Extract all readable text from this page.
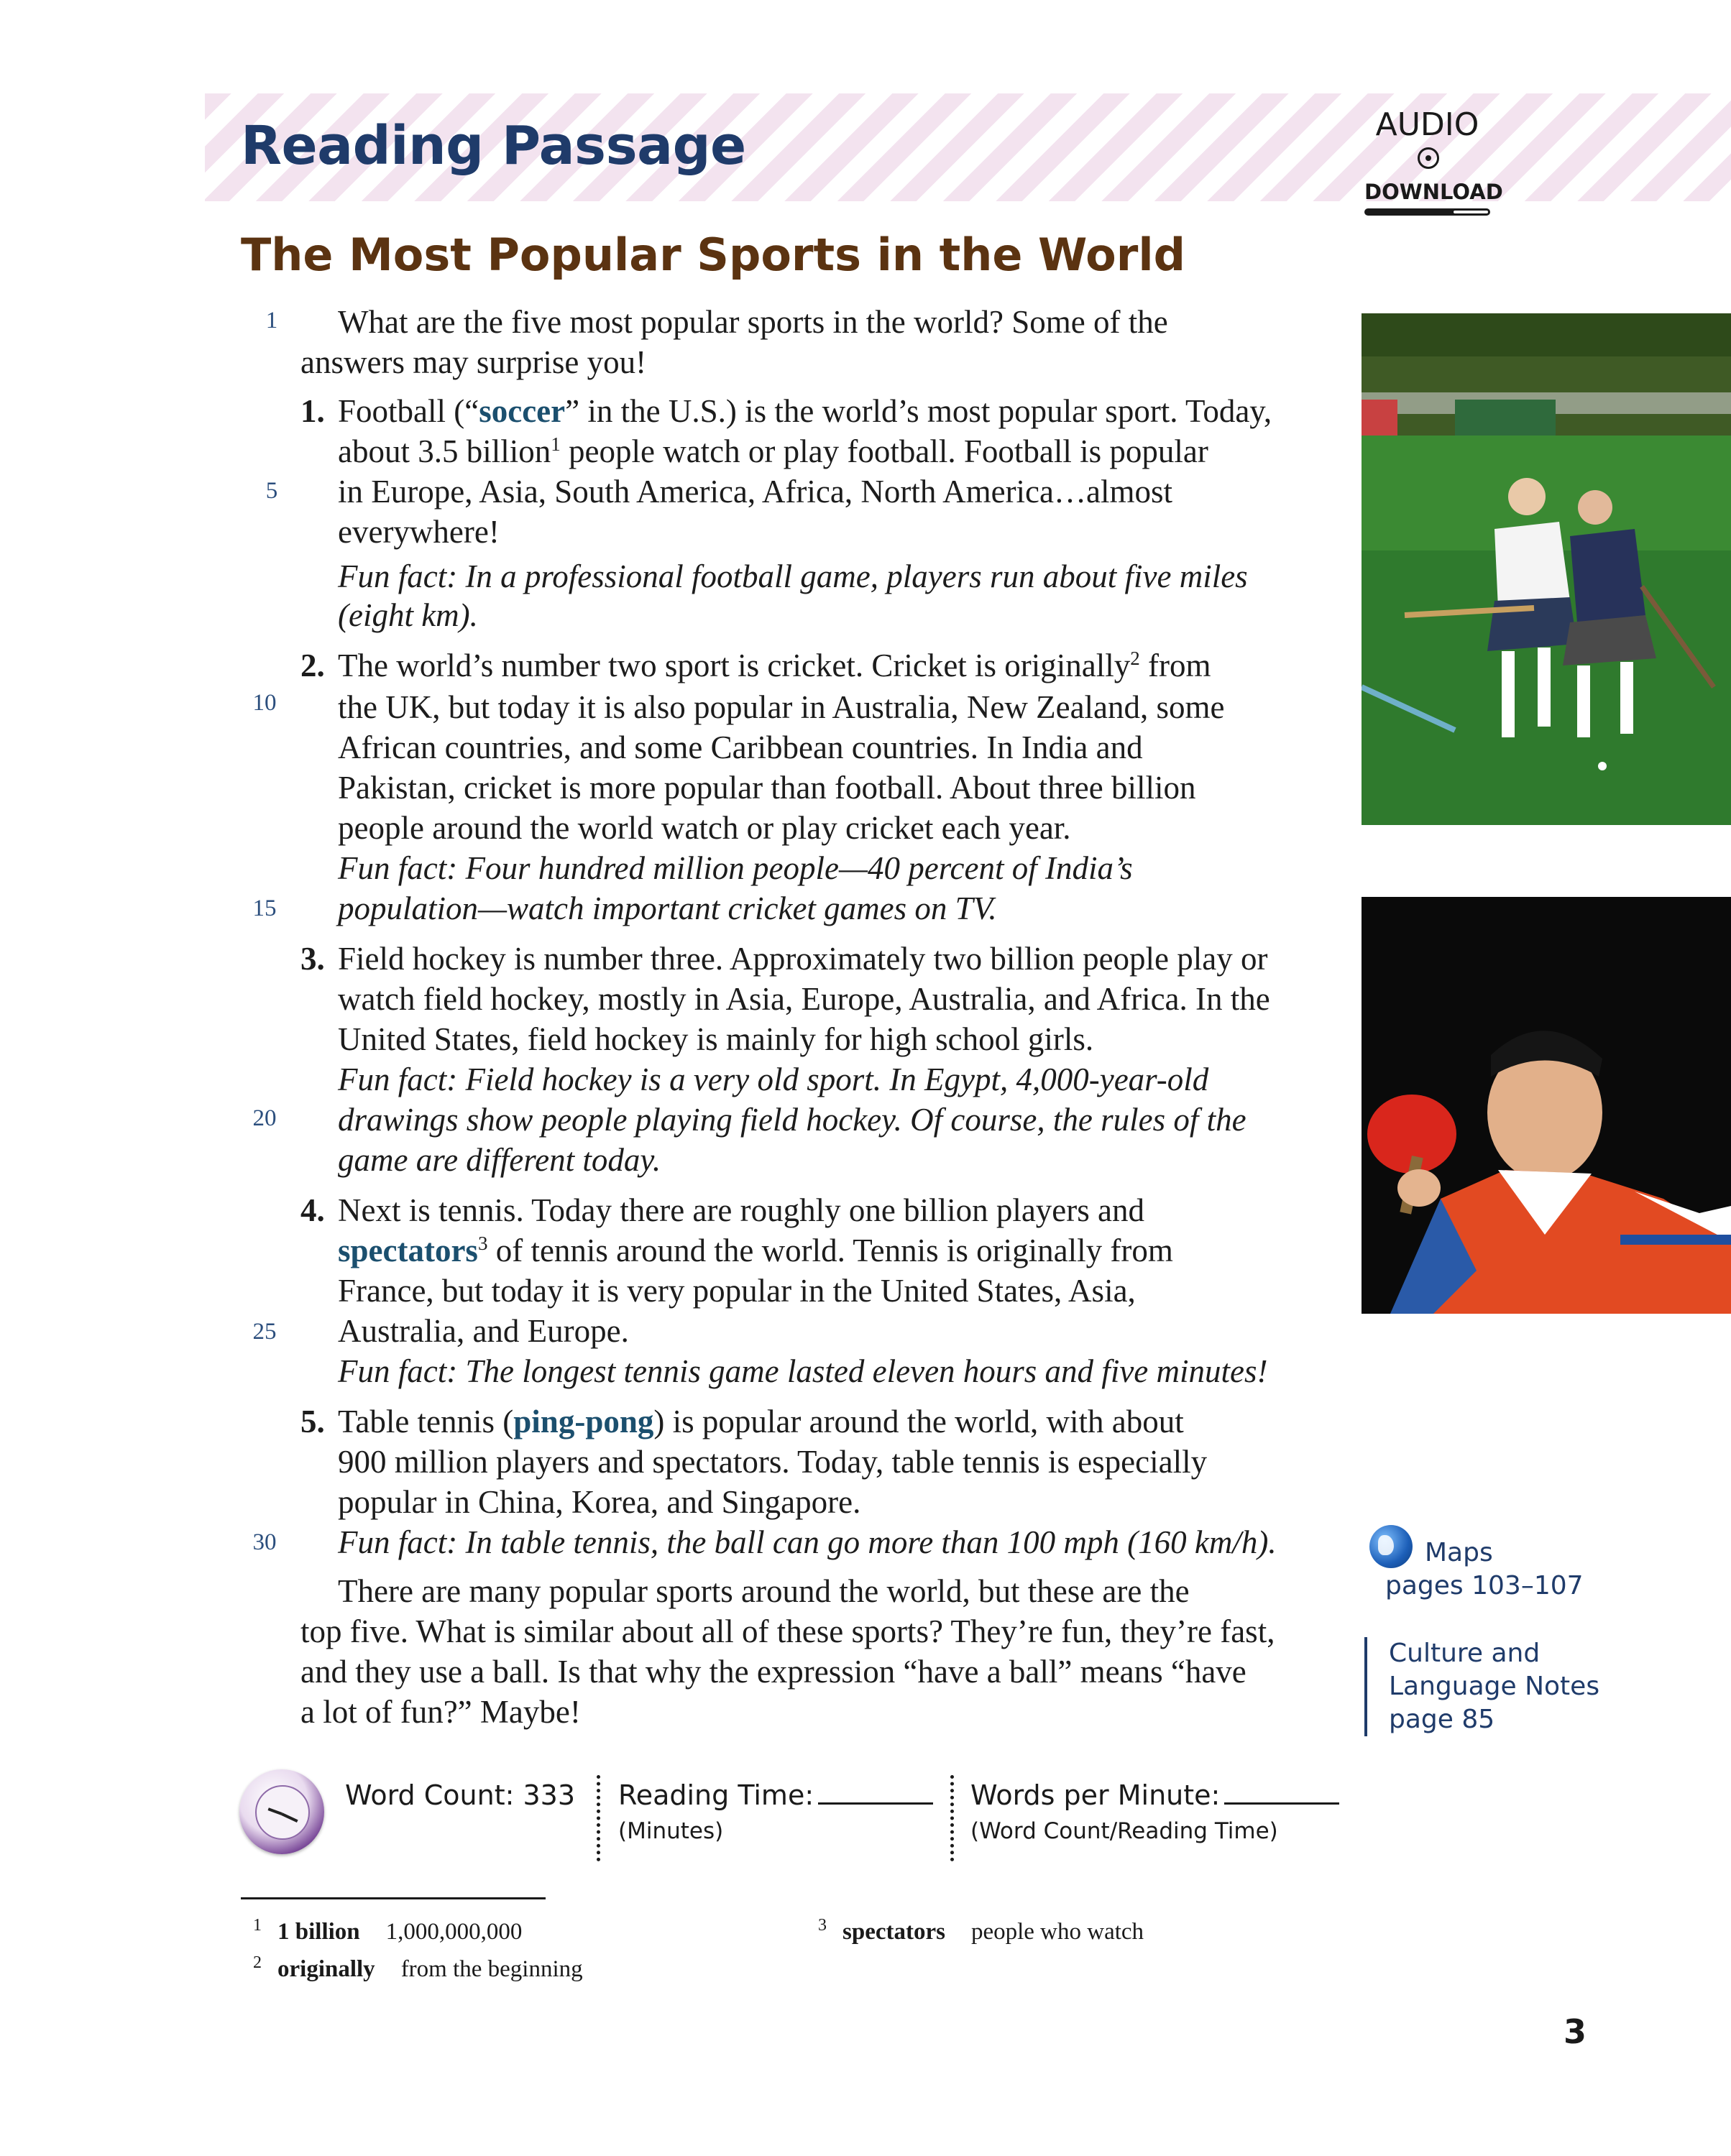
Reading Passage	AUDIO
DOWNLOAD
The Most Popular Sports in the World
1
5
10
15
20
25
30
What are the five most popular sports in the world? Some of the
answers may surprise you!
1. Football (“soccer” in the U.S.) is the world’s most popular sport. Today,
about 3.5 billion$^1$ people watch or play football. Football is popular
in Europe, Asia, South America, Africa, North America…almost
everywhere!
Fun fact: In a professional football game, players run about five miles
(eight km).
2. The world’s number two sport is cricket. Cricket is originally$^2$ from
the UK, but today it is also popular in Australia, New Zealand, some
African countries, and some Caribbean countries. In India and
Pakistan, cricket is more popular than football. About three billion
people around the world watch or play cricket each year.
Fun fact: Four hundred million people—40 percent of India’s
population—watch important cricket games on TV.
3. Field hockey is number three. Approximately two billion people play or
watch field hockey, mostly in Asia, Europe, Australia, and Africa. In the
United States, field hockey is mainly for high school girls.
Fun fact: Field hockey is a very old sport. In Egypt, 4,000-year-old
drawings show people playing field hockey. Of course, the rules of the
game are different today.
4. Next is tennis. Today there are roughly one billion players and
spectators$^3$ of tennis around the world. Tennis is originally from
France, but today it is very popular in the United States, Asia,
Australia, and Europe.
Fun fact: The longest tennis game lasted eleven hours and five minutes!
5. Table tennis (ping-pong) is popular around the world, with about
900 million players and spectators. Today, table tennis is especially
popular in China, Korea, and Singapore.
Fun fact: In table tennis, the ball can go more than 100 mph (160 km/h).
There are many popular sports around the world, but these are the
top five. What is similar about all of these sports? They’re fun, they’re fast,
and they use a ball. Is that why the expression “have a ball” means “have
a lot of fun?” Maybe!
Maps
pages 103–107
Culture and
Language Notes
page 85
Word Count: 333 Reading Time:
(Minutes)
Words per Minute:
(Word Count/Reading Time)
$^1$ 1 billion 1,000,000,000
$^2$ originally from the beginning
$^3$ spectators people who watch
3
